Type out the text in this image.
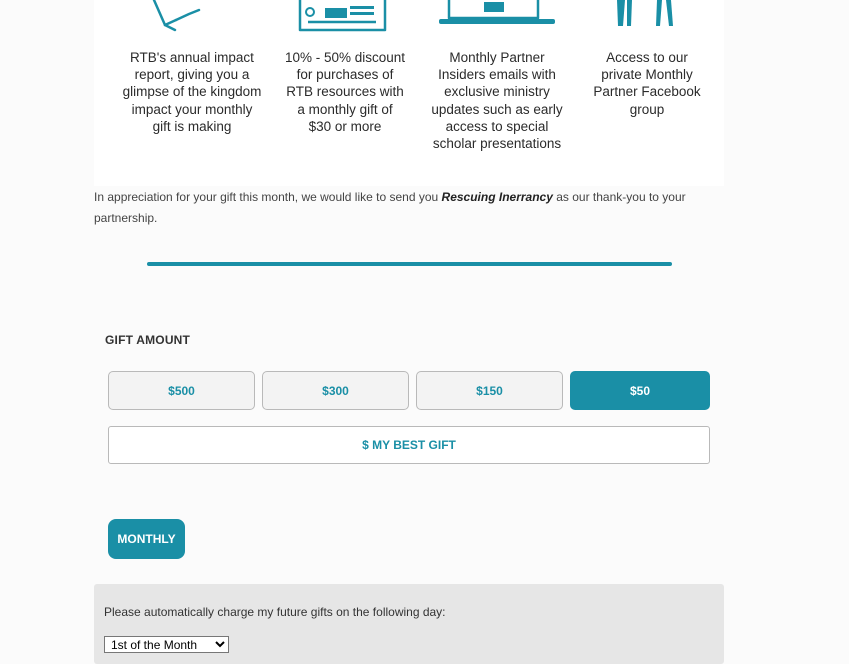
RTB's annual impact
report, giving you a
glimpse of the kingdom
impact your monthly
gift is making
10% - 50% discount
for purchases of
RTB resources with
a monthly gift of
$30 or more
Monthly Partner
Insiders emails with
exclusive ministry
updates such as early
access to special
scholar presentations
Access to our
private Monthly
Partner Facebook
group
In appreciation for your gift this month, we would like to send you Rescuing Inerrancy as our thank-you to your partnership.
GIFT AMOUNT
$500	$300	$150	$50
$ MY BEST GIFT
MONTHLY
Please automatically charge my future gifts on the following day:
1st of the Month
